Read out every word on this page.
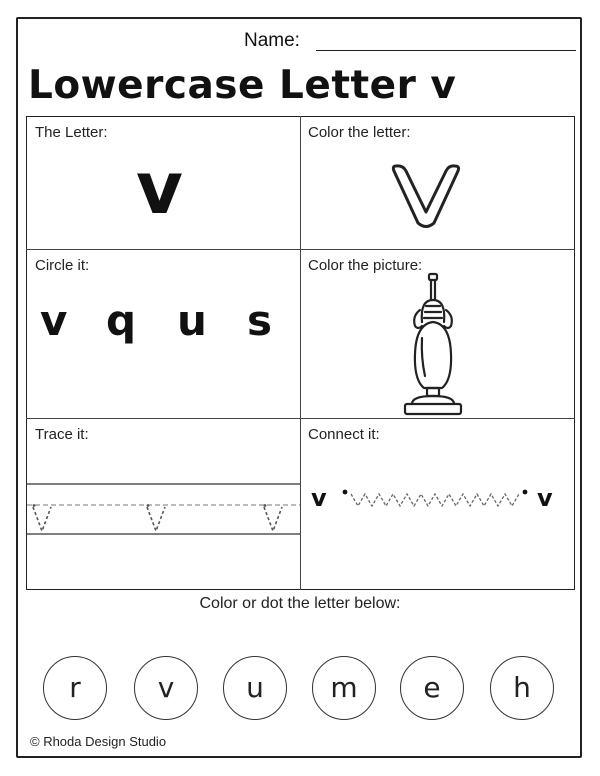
Name:
Lowercase Letter v
The Letter:
v
Color the letter:
Circle it:
v q u s
Color the picture:
Trace it:	Connect it:
v	v
Color or dot the letter below:
r	v	u	m	e	h
© Rhoda Design Studio
